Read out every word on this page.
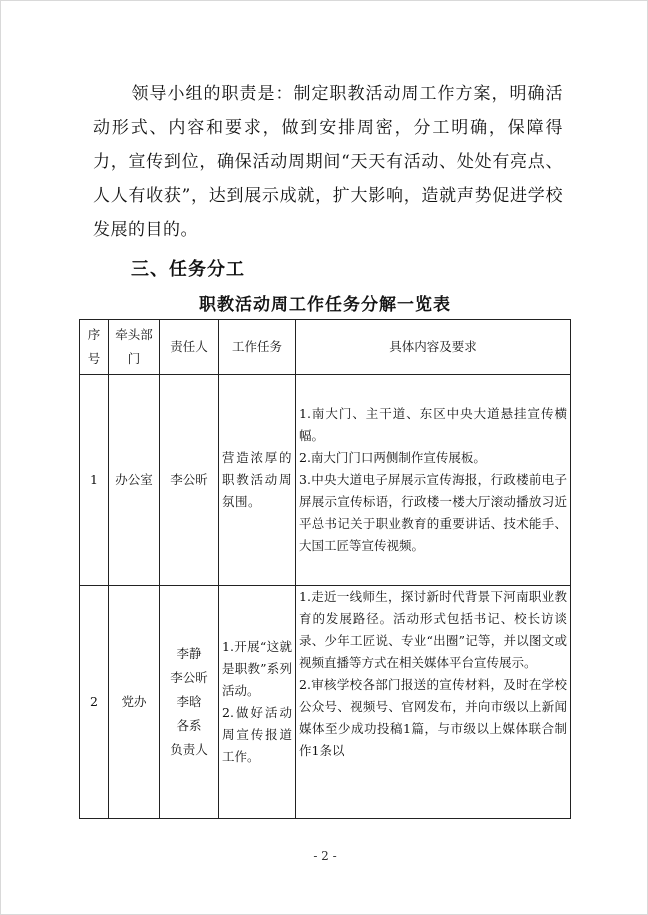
领导小组的职责是：制定职教活动周工作方案，明确活动形式、内容和要求，做到安排周密，分工明确，保障得力，宣传到位，确保活动周期间“天天有活动、处处有亮点、人人有收获”，达到展示成就，扩大影响，造就声势促进学校发展的目的。
三、任务分工
职教活动周工作任务分解一览表
序号	牵头部门	责任人	工作任务	具体内容及要求
1	办公室	李公昕	营造浓厚的职教活动周氛围。	1.南大门、主干道、东区中央大道悬挂宣传横幅。
2.南大门门口两侧制作宣传展板。
3.中央大道电子屏展示宣传海报，行政楼前电子屏展示宣传标语，行政楼一楼大厅滚动播放习近平总书记关于职业教育的重要讲话、技术能手、大国工匠等宣传视频。

2	党办	李静
李公昕
李晗
各系
负责人	1.开展“这就是职教”系列活动。
2.做好活动周宣传报道工作。	1.走近一线师生，探讨新时代背景下河南职业教育的发展路径。活动形式包括书记、校长访谈录、少年工匠说、专业“出圈”记等，并以图文或视频直播等方式在相关媒体平台宣传展示。
2.审核学校各部门报送的宣传材料，及时在学校公众号、视频号、官网发布，并向市级以上新闻媒体至少成功投稿1篇，与市级以上媒体联合制作1条以
- 2 -
